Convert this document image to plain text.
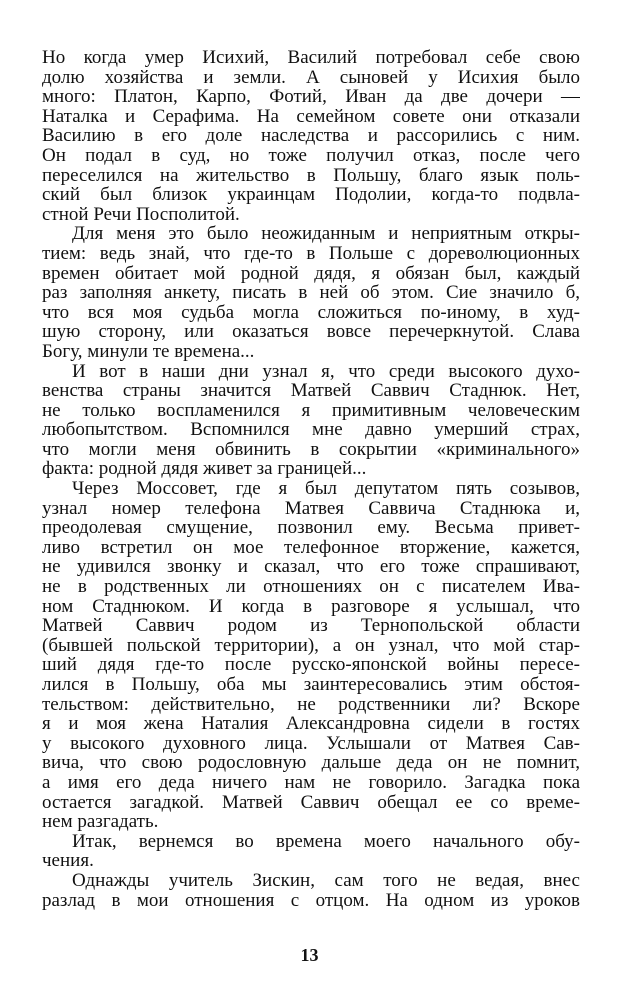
Но когда умер Исихий, Василий потребовал себе свою
долю хозяйства и земли. А сыновей у Исихия было
много: Платон, Карпо, Фотий, Иван да две дочери —
Наталка и Серафима. На семейном совете они отказали
Василию в его доле наследства и рассорились с ним.
Он подал в суд, но тоже получил отказ, после чего
переселился на жительство в Польшу, благо язык поль-
ский был близок украинцам Подолии, когда-то подвла-
стной Речи Посполитой.
Для меня это было неожиданным и неприятным откры-
тием: ведь знай, что где-то в Польше с дореволюционных
времен обитает мой родной дядя, я обязан был, каждый
раз заполняя анкету, писать в ней об этом. Сие значило б,
что вся моя судьба могла сложиться по-иному, в худ-
шую сторону, или оказаться вовсе перечеркнутой. Слава
Богу, минули те времена...
И вот в наши дни узнал я, что среди высокого духо-
венства страны значится Матвей Саввич Стаднюк. Нет,
не только воспламенился я примитивным человеческим
любопытством. Вспомнился мне давно умерший страх,
что могли меня обвинить в сокрытии «криминального»
факта: родной дядя живет за границей...
Через Моссовет, где я был депутатом пять созывов,
узнал номер телефона Матвея Саввича Стаднюка и,
преодолевая смущение, позвонил ему. Весьма привет-
ливо встретил он мое телефонное вторжение, кажется,
не удивился звонку и сказал, что его тоже спрашивают,
не в родственных ли отношениях он с писателем Ива-
ном Стаднюком. И когда в разговоре я услышал, что
Матвей Саввич родом из Тернопольской области
(бывшей польской территории), а он узнал, что мой стар-
ший дядя где-то после русско-японской войны пересе-
лился в Польшу, оба мы заинтересовались этим обстоя-
тельством: действительно, не родственники ли? Вскоре
я и моя жена Наталия Александровна сидели в гостях
у высокого духовного лица. Услышали от Матвея Сав-
вича, что свою родословную дальше деда он не помнит,
а имя его деда ничего нам не говорило. Загадка пока
остается загадкой. Матвей Саввич обещал ее со време-
нем разгадать.
Итак, вернемся во времена моего начального обу-
чения.
Однажды учитель Зискин, сам того не ведая, внес
разлад в мои отношения с отцом. На одном из уроков
13
